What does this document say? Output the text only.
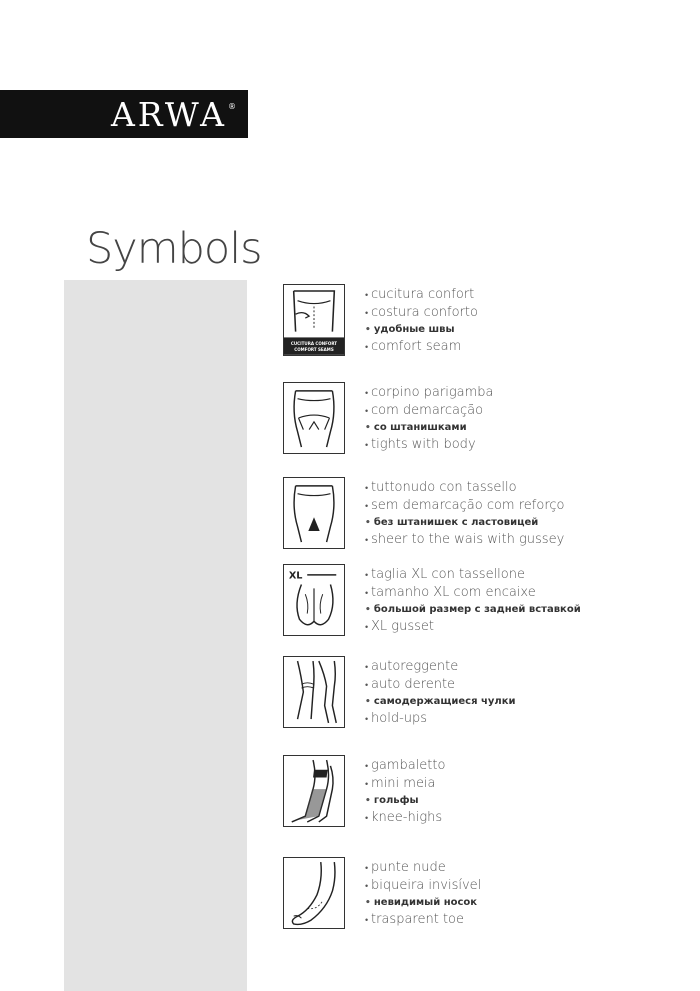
ARWA ®
Symbols
CUCITURA CONFORT
COMFORT SEAMS
• cucitura confort
• costura conforto
• удобные швы
• comfort seam
• corpino parigamba
• com demarcação
• со штанишками
• tights with body
• tuttonudo con tassello
• sem demarcação com reforço
• без штанишек с ластовицей
• sheer to the wais with gussey
XL
•	taglia XL con tassellone
• tamanho XL com encaixe
• большой размер с задней вставкой
• XL gusset
• autoreggente
• auto derente
• самодержащиеся чулки
• hold-ups
• gambaletto
• mini meia
• гольфы
• knee-highs
• punte nude
• biqueira invisível
• невидимый носок
• trasparent toe
